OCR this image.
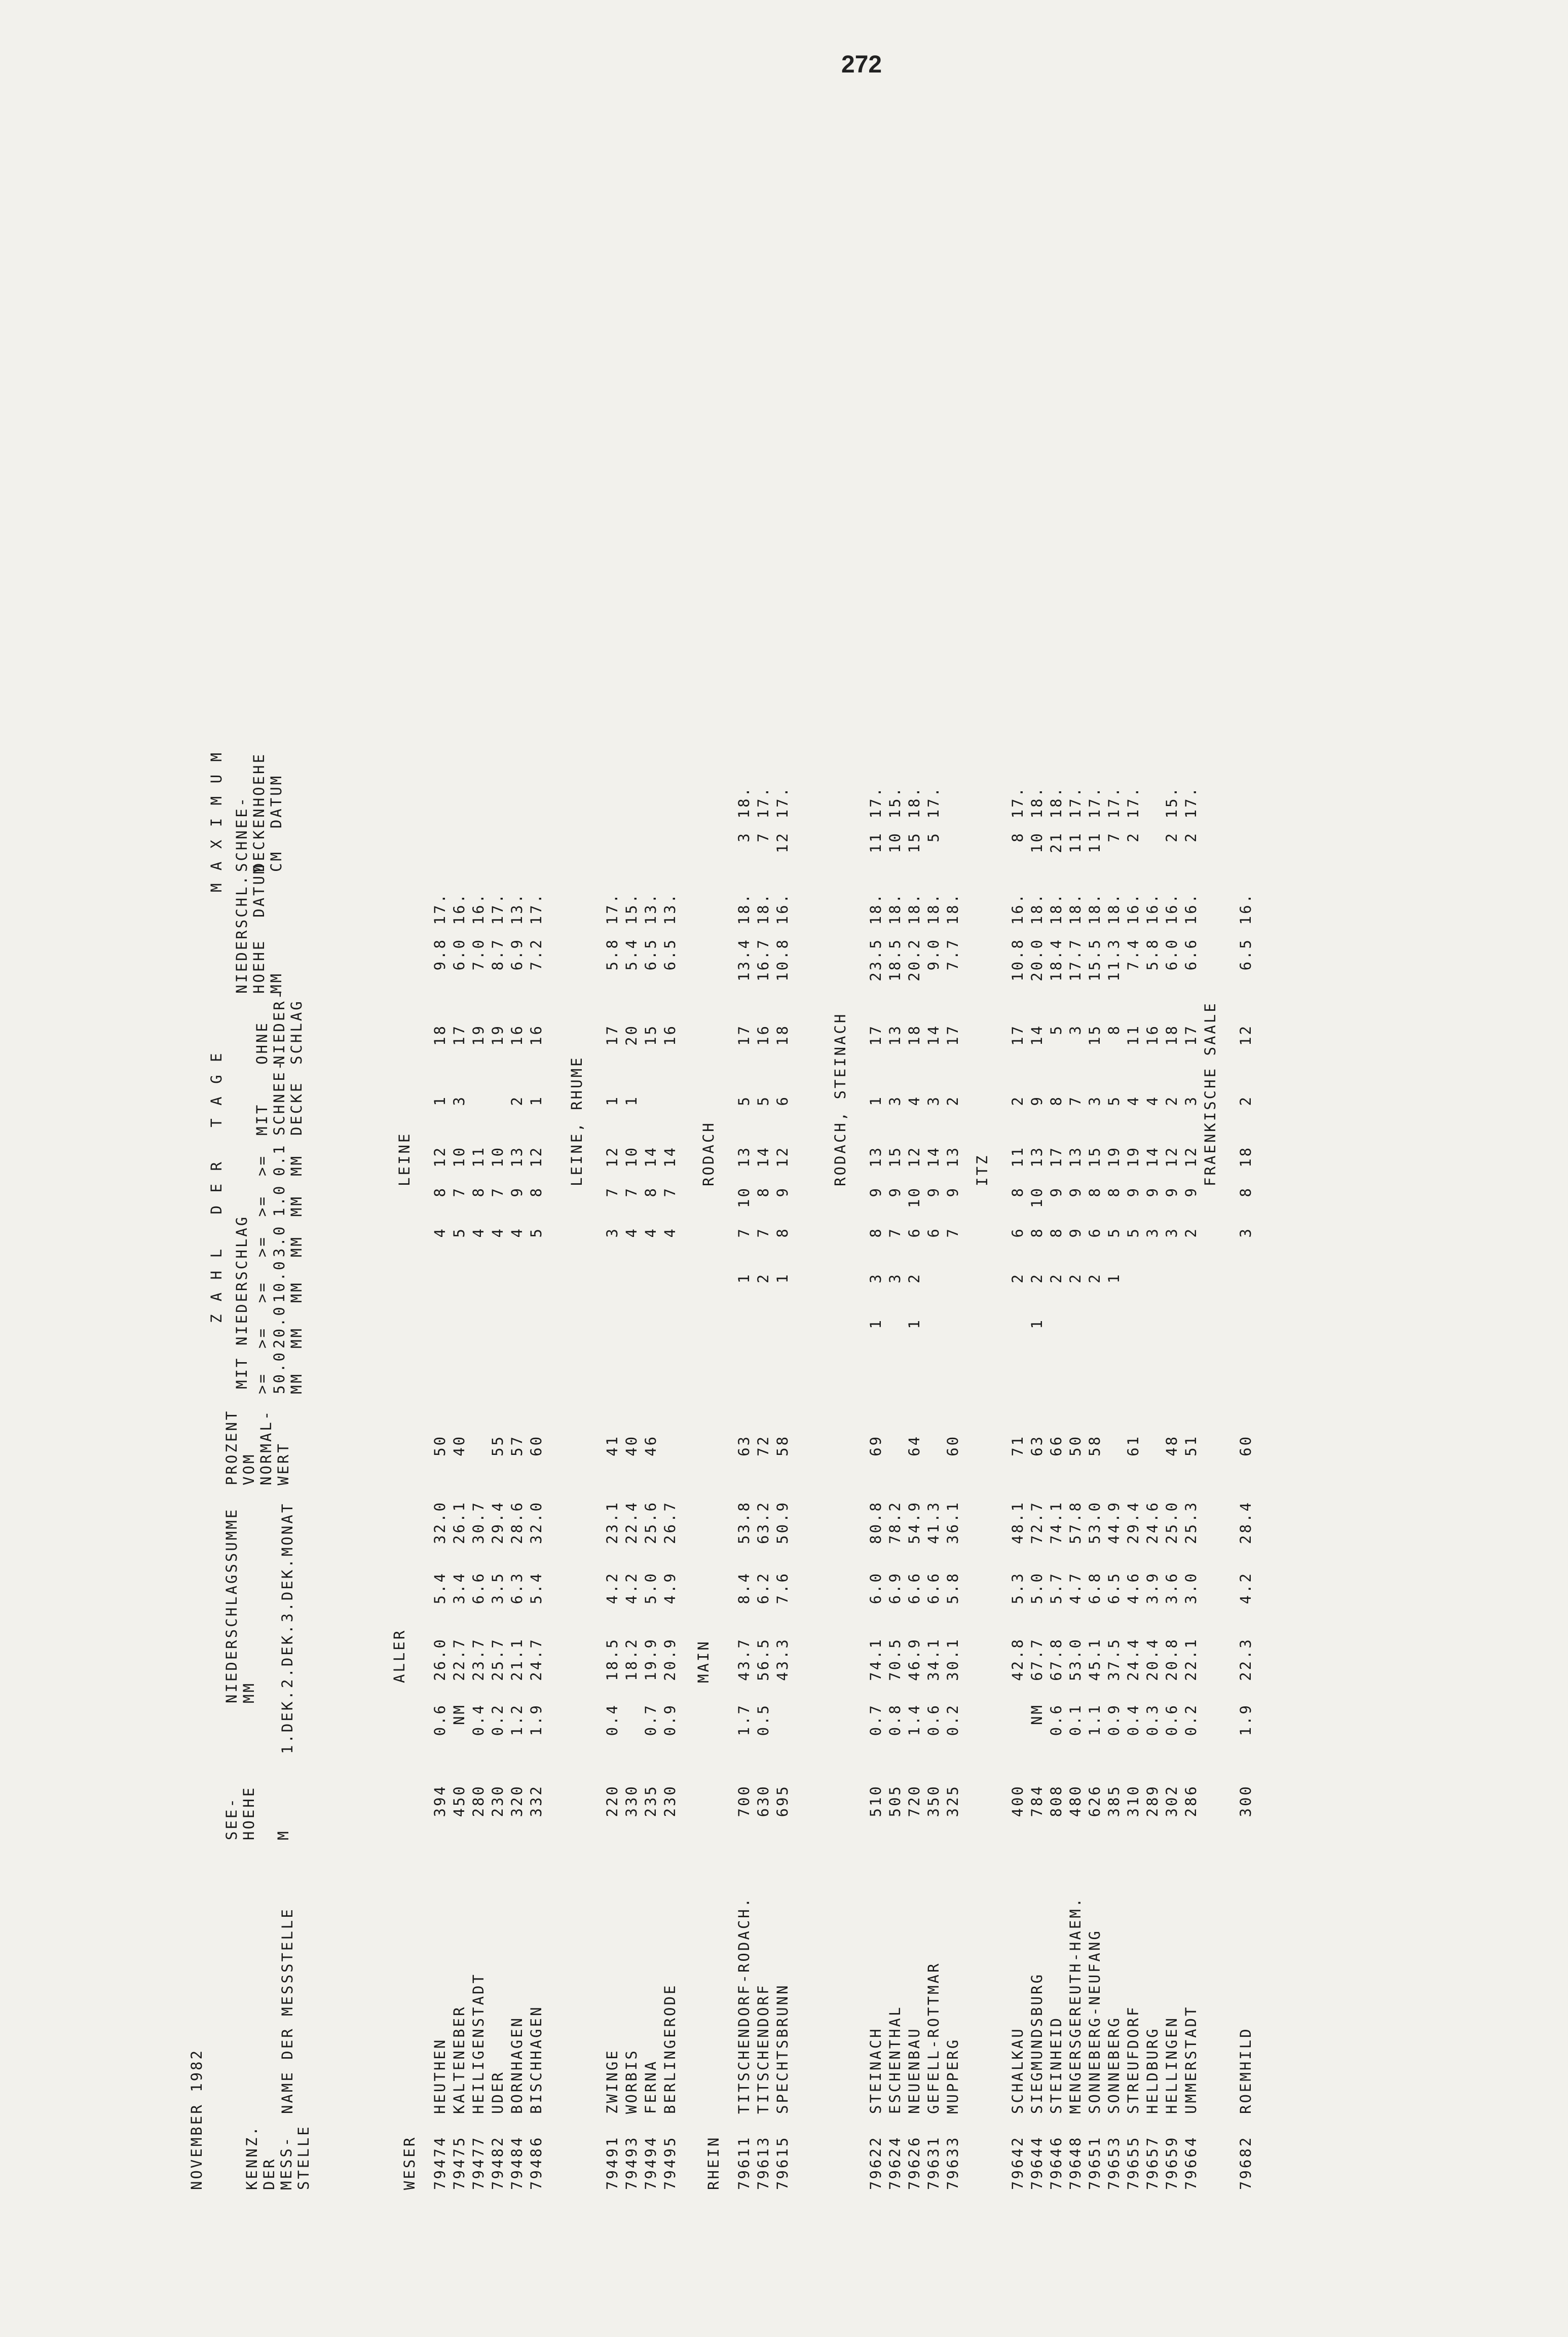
272
NOVEMBER 1982	KENNZ.
DER
MESS-
STELLE
NAME DER MESSSTELLE
SEE-
HOEHE

M
NIEDERSCHLAGSSUMME
MM 1.DEK.
2.DEK.
3.DEK.
MONAT
PROZENT
VOM
NORMAL-
WERT
Z A H L   D E R   T A G E MIT NIEDERSCHLAG >=
50.0
MM
>=
20.0
MM
>=
10.0
MM
>=
3.0
MM
>=
1.0
MM
>=
0.1
MM
MIT
SCHNEE-
DECKE
OHNE
NIEDER-
SCHLAG
M A X I M U M
NIEDERSCHL.
HOEHE  DATUM
MM
SCHNEE-
DECKENHOEHE
CM  DATUM
WESER
ALLER
LEINE
79474
HEUTHEN
394
0.6
26.0
5.4
32.0
50
4
8
12
1
18
9.8
17.
79475
KALTENEBER
450
NM
22.7
3.4
26.1
40
5
7
10
3
17
6.0
16.
79477
HEILIGENSTADT
280
0.4
23.7
6.6
30.7
4
8
11
19
7.0
16.
79482
UDER
230
0.2
25.7
3.5
29.4
55
4
7
10
19
8.7
17.
79484
BORNHAGEN
320
1.2
21.1
6.3
28.6
57
4
9
13
2
16
6.9
13.
79486
BISCHHAGEN
332
1.9
24.7
5.4
32.0
60
5
8
12
1
16
7.2
17.
LEINE, RHUME
79491
ZWINGE
220
0.4
18.5
4.2
23.1
41
3
7
12
1
17
5.8
17.
79493
WORBIS
330
18.2
4.2
22.4
40
4
7
10
1
20
5.4
15.
79494
FERNA
235
0.7
19.9
5.0
25.6
46
4
8
14
15
6.5
13.
79495
BERLINGERODE
230
0.9
20.9
4.9
26.7
4
7
14
16
6.5
13.
RHEIN
MAIN
RODACH
79611
TITSCHENDORF-RODACH.
700
1.7
43.7
8.4
53.8
63
1
7
10
13
5
17
13.4
18.
3
18.
79613
TITSCHENDORF
630
0.5
56.5
6.2
63.2
72
2
7
8
14
5
16
16.7
18.
7
17.
79615
SPECHTSBRUNN
695
43.3
7.6
50.9
58
1
8
9
12
6
18
10.8
16.
12
17.
RODACH, STEINACH
79622
STEINACH
510
0.7
74.1
6.0
80.8
69
1
3
8
9
13
1
17
23.5
18.
11
17.
79624
ESCHENTHAL
505
0.8
70.5
6.9
78.2
3
7
9
15
3
13
18.5
18.
10
15.
79626
NEUENBAU
720
1.4
46.9
6.6
54.9
64
1
2
6
10
12
4
18
20.2
18.
15
18.
79631
GEFELL-ROTTMAR
350
0.6
34.1
6.6
41.3
6
9
14
3
14
9.0
18.
5
17.
79633
MUPPERG
325
0.2
30.1
5.8
36.1
60
7
9
13
2
17
7.7
18.
ITZ
79642
SCHALKAU
400
42.8
5.3
48.1
71
2
6
8
11
2
17
10.8
16.
8
17.
79644
SIEGMUNDSBURG
784
NM
67.7
5.0
72.7
63
1
2
8
10
13
9
14
20.0
18.
10
18.
79646
STEINHEID
808
0.6
67.8
5.7
74.1
66
2
8
9
17
8
5
18.4
18.
21
18.
79648
MENGERSGEREUTH-HAEM.
480
0.1
53.0
4.7
57.8
50
2
9
9
13
7
3
17.7
18.
11
17.
79651
SONNEBERG-NEUFANG
626
1.1
45.1
6.8
53.0
58
2
6
8
15
3
15
15.5
18.
11
17.
79653
SONNEBERG
385
0.9
37.5
6.5
44.9
1
5
8
19
5
8
11.3
18.
7
17.
79655
STREUFDORF
310
0.4
24.4
4.6
29.4
61
5
9
19
4
11
7.4
16.
2
17.
79657
HELDBURG
289
0.3
20.4
3.9
24.6
3
9
14
4
16
5.8
16.
79659
HELLINGEN
302
0.6
20.8
3.6
25.0
48
3
9
12
2
18
6.0
16.
2
15.
79664
UMMERSTADT
286
0.2
22.1
3.0
25.3
51
2
9
12
3
17
6.6
16.
2
17.
FRAENKISCHE SAALE
79682
ROEMHILD
300
1.9
22.3
4.2
28.4
60
3
8
18
2
12
6.5
16.
